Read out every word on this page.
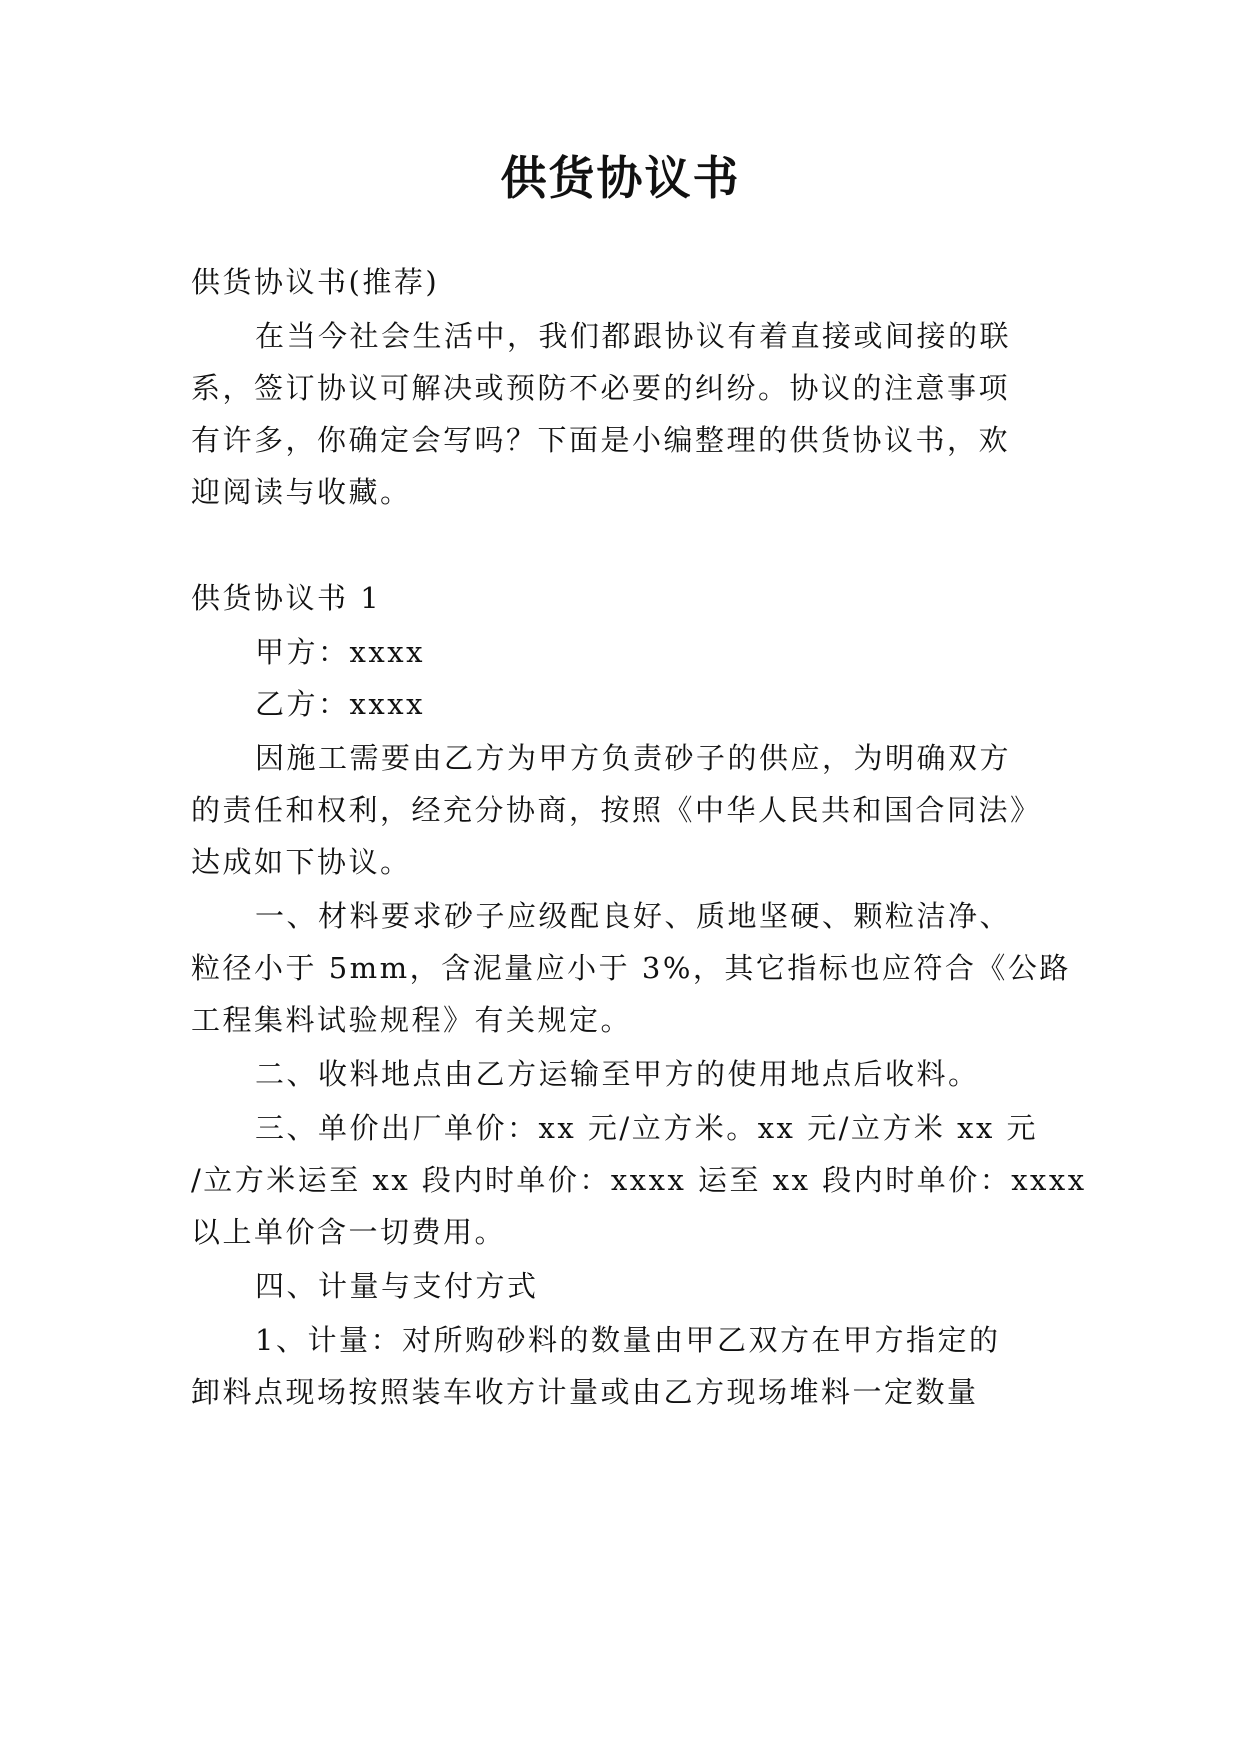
供货协议书
供货协议书(推荐)
在当今社会生活中，我们都跟协议有着直接或间接的联
系，签订协议可解决或预防不必要的纠纷。协议的注意事项
有许多，你确定会写吗？下面是小编整理的供货协议书，欢
迎阅读与收藏。
供货协议书 1
甲方：xxxx
乙方：xxxx
因施工需要由乙方为甲方负责砂子的供应，为明确双方
的责任和权利，经充分协商，按照《中华人民共和国合同法》
达成如下协议。
一、材料要求砂子应级配良好、质地坚硬、颗粒洁净、
粒径小于 5mm，含泥量应小于 3%，其它指标也应符合《公路
工程集料试验规程》有关规定。
二、收料地点由乙方运输至甲方的使用地点后收料。
三、单价出厂单价：xx 元/立方米。xx 元/立方米 xx 元
/立方米运至 xx 段内时单价：xxxx 运至 xx 段内时单价：xxxx
以上单价含一切费用。
四、计量与支付方式
1、计量：对所购砂料的数量由甲乙双方在甲方指定的
卸料点现场按照装车收方计量或由乙方现场堆料一定数量
